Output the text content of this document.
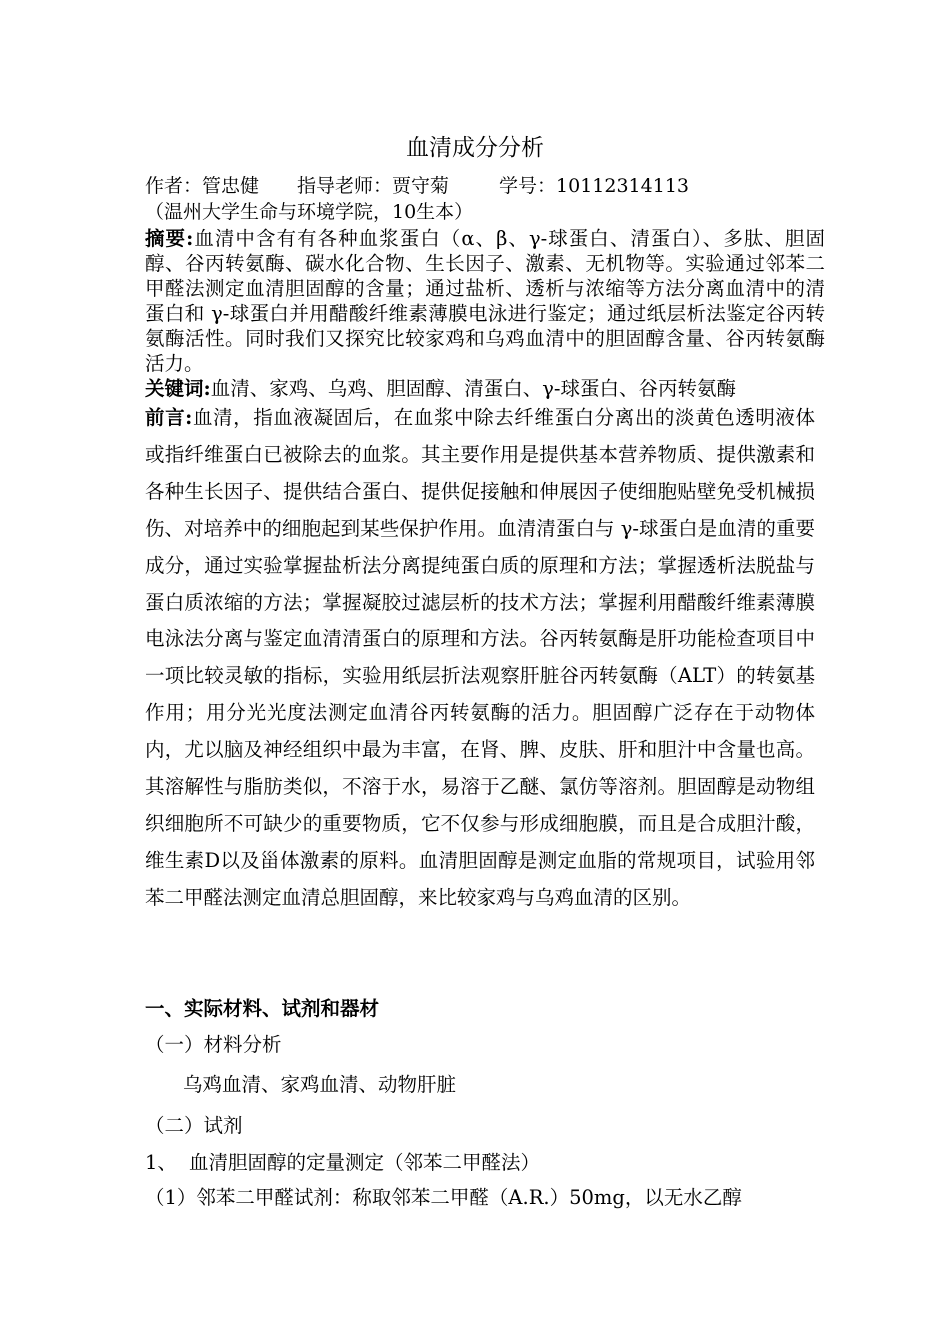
血清成分分析
作者：管忠健 指导老师：贾守菊	学号：10112314113
（温州大学生命与环境学院，10生本）
摘要:血清中含有有各种血浆蛋白（α、β、γ-球蛋白、清蛋白）、多肽、胆固醇、谷丙转氨酶、碳水化合物、生长因子、激素、无机物等。实验通过邻苯二甲醛法测定血清胆固醇的含量；通过盐析、透析与浓缩等方法分离血清中的清蛋白和 γ-球蛋白并用醋酸纤维素薄膜电泳进行鉴定；通过纸层析法鉴定谷丙转氨酶活性。同时我们又探究比较家鸡和乌鸡血清中的胆固醇含量、谷丙转氨酶活力。
关键词:血清、家鸡、乌鸡、胆固醇、清蛋白、γ-球蛋白、谷丙转氨酶
前言:血清，指血液凝固后，在血浆中除去纤维蛋白分离出的淡黄色透明液体或指纤维蛋白已被除去的血浆。其主要作用是提供基本营养物质、提供激素和各种生长因子、提供结合蛋白、提供促接触和伸展因子使细胞贴壁免受机械损伤、对培养中的细胞起到某些保护作用。血清清蛋白与 γ-球蛋白是血清的重要成分，通过实验掌握盐析法分离提纯蛋白质的原理和方法；掌握透析法脱盐与蛋白质浓缩的方法；掌握凝胶过滤层析的技术方法；掌握利用醋酸纤维素薄膜电泳法分离与鉴定血清清蛋白的原理和方法。谷丙转氨酶是肝功能检查项目中一项比较灵敏的指标，实验用纸层折法观察肝脏谷丙转氨酶（ALT）的转氨基作用；用分光光度法测定血清谷丙转氨酶的活力。胆固醇广泛存在于动物体内，尤以脑及神经组织中最为丰富，在肾、脾、皮肤、肝和胆汁中含量也高。其溶解性与脂肪类似，不溶于水，易溶于乙醚、氯仿等溶剂。胆固醇是动物组织细胞所不可缺少的重要物质，它不仅参与形成细胞膜，而且是合成胆汁酸，维生素D以及甾体激素的原料。血清胆固醇是测定血脂的常规项目，试验用邻苯二甲醛法测定血清总胆固醇，来比较家鸡与乌鸡血清的区别。
一、实际材料、试剂和器材
（一）材料分析
乌鸡血清、家鸡血清、动物肝脏
（二）试剂
1、 血清胆固醇的定量测定（邻苯二甲醛法）
（1）邻苯二甲醛试剂：称取邻苯二甲醛（A.R.）50mg，以无水乙醇
